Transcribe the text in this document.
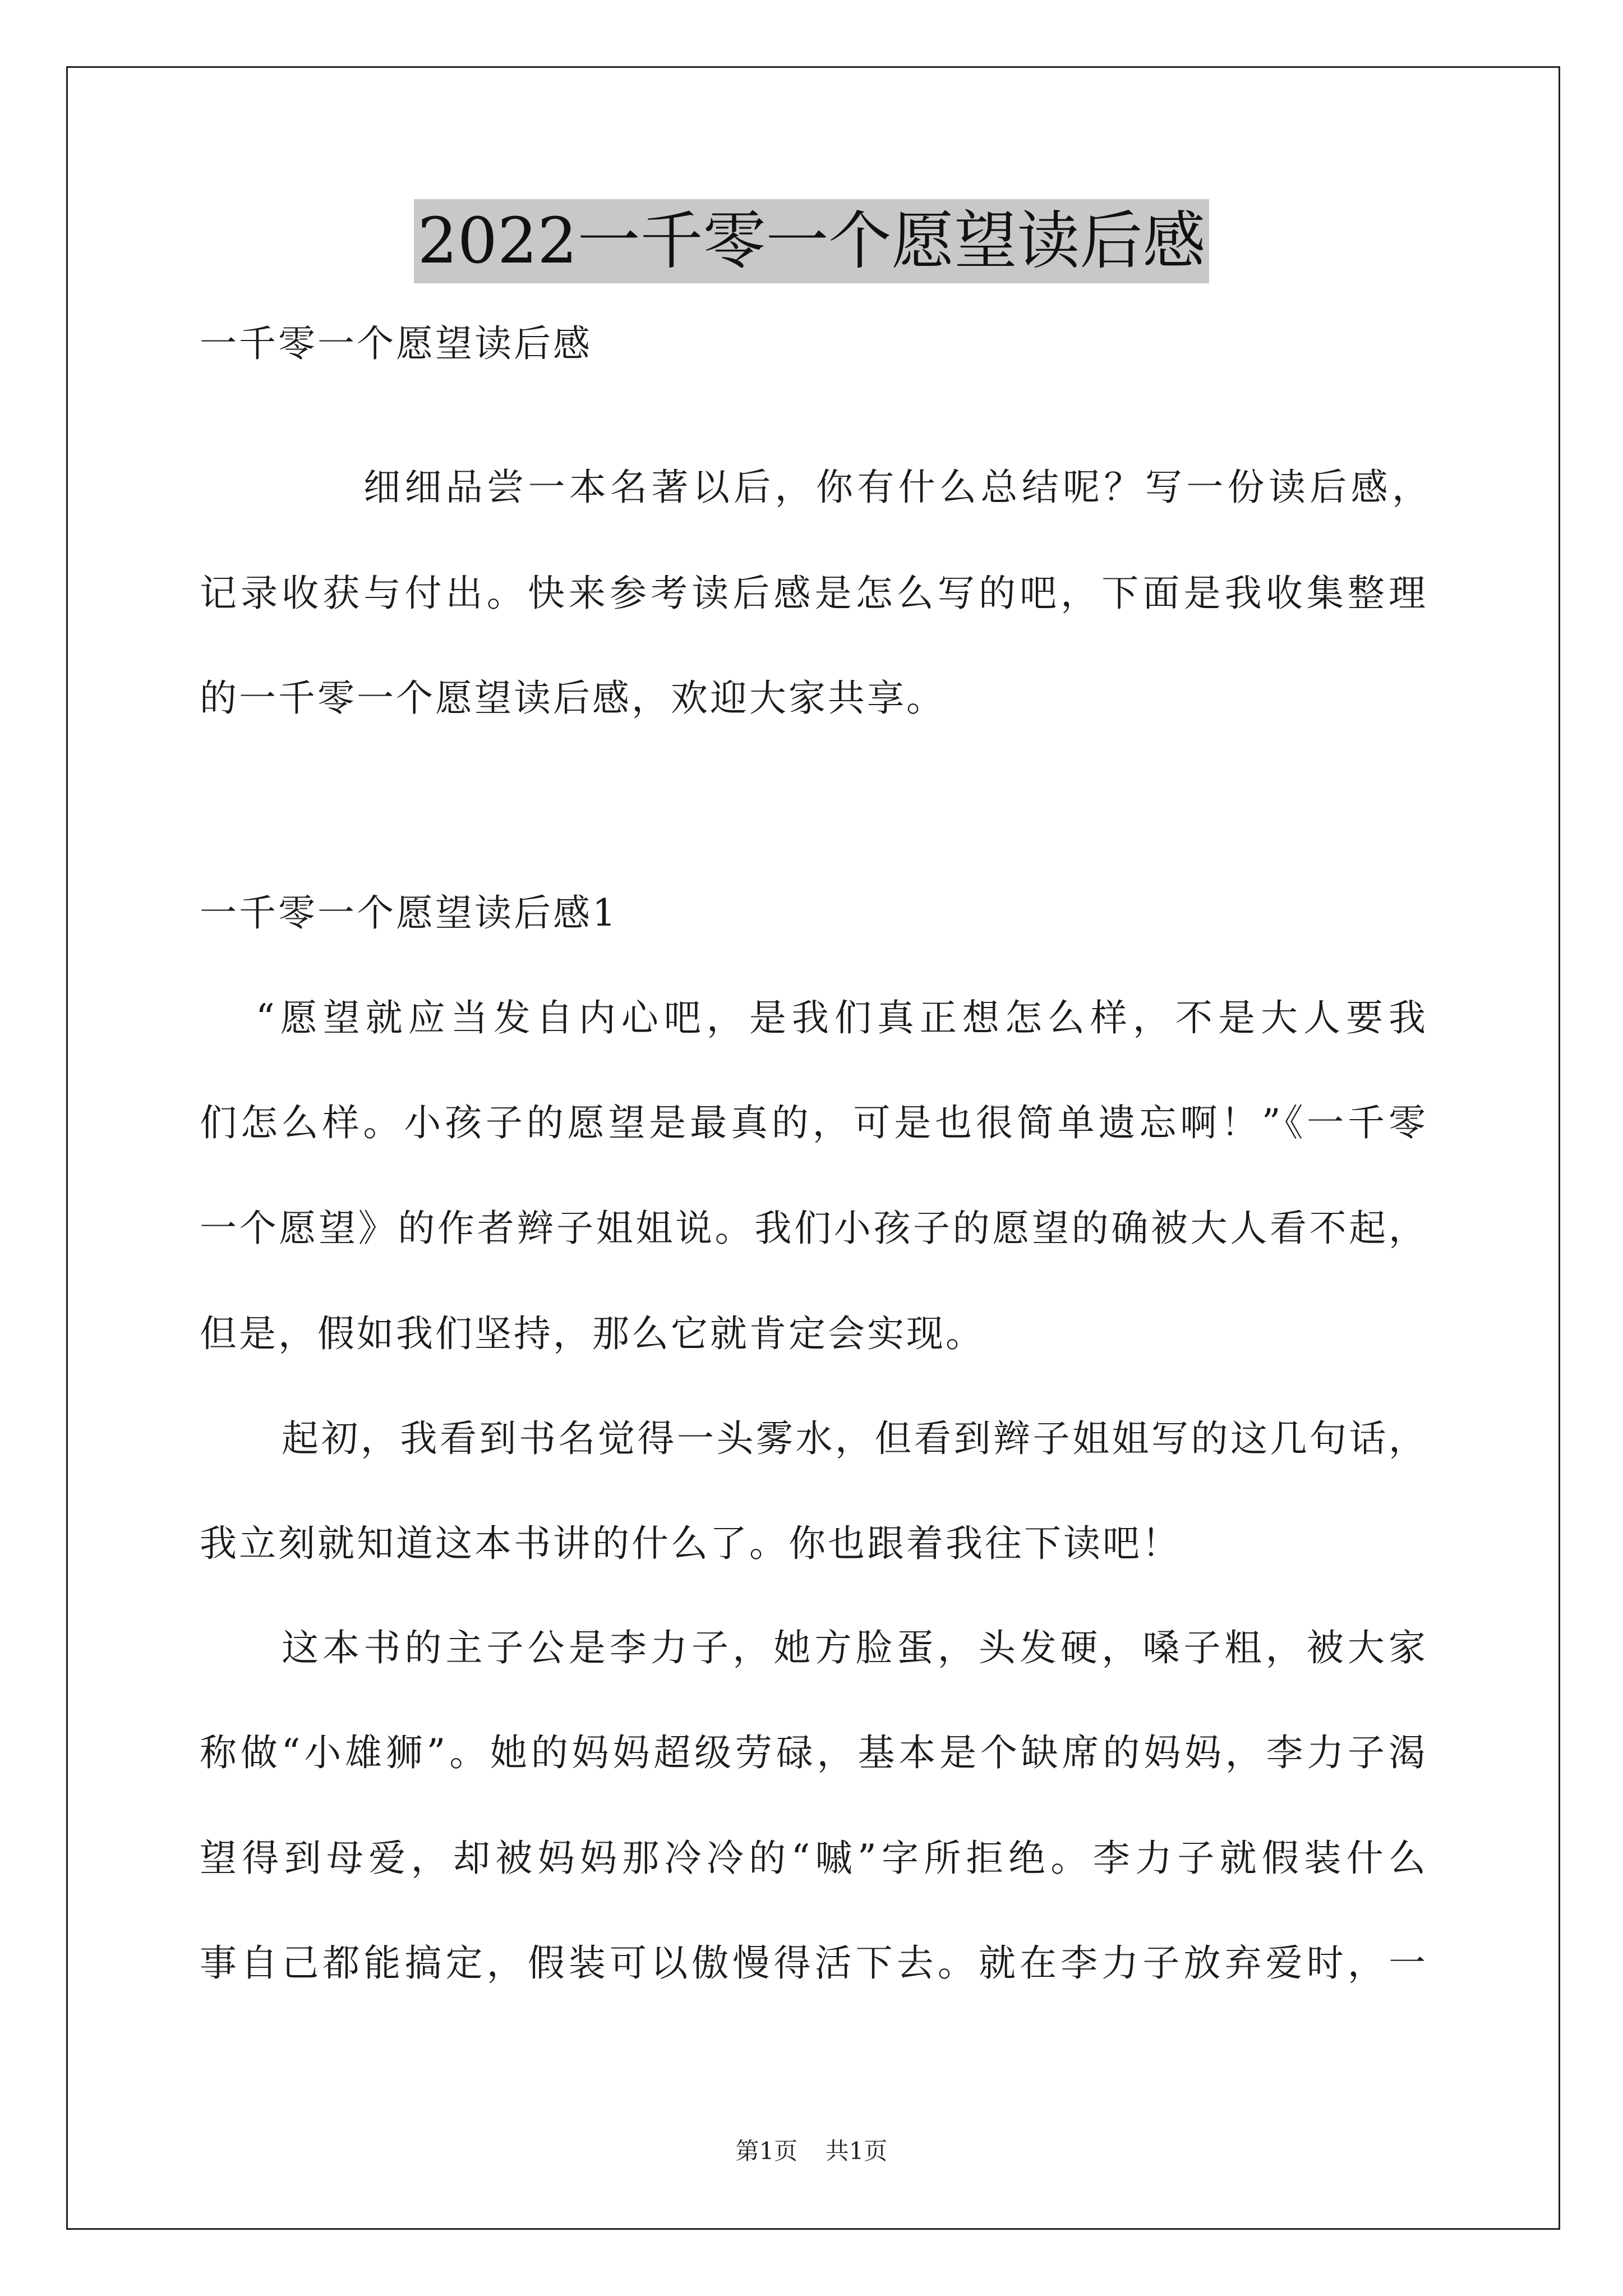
2022一千零一个愿望读后感
一千零一个愿望读后感
细细品尝一本名著以后，你有什么总结呢？写一份读后感，
记录收获与付出。快来参考读后感是怎么写的吧，下面是我收集整理
的一千零一个愿望读后感，欢迎大家共享。
一千零一个愿望读后感1
“愿望就应当发自内心吧，是我们真正想怎么样，不是大人要我
们怎么样。小孩子的愿望是最真的，可是也很简单遗忘啊！”《一千零
一个愿望》的作者辫子姐姐说。我们小孩子的愿望的确被大人看不起，
但是，假如我们坚持，那么它就肯定会实现。
起初，我看到书名觉得一头雾水，但看到辫子姐姐写的这几句话，
我立刻就知道这本书讲的什么了。你也跟着我往下读吧！
这本书的主子公是李力子，她方脸蛋，头发硬，嗓子粗，被大家
称做“小雄狮”。她的妈妈超级劳碌，基本是个缺席的妈妈，李力子渴
望得到母爱，却被妈妈那冷冷的“嘁”字所拒绝。李力子就假装什么
事自己都能搞定，假装可以傲慢得活下去。就在李力子放弃爱时，一
第1页 共1页
